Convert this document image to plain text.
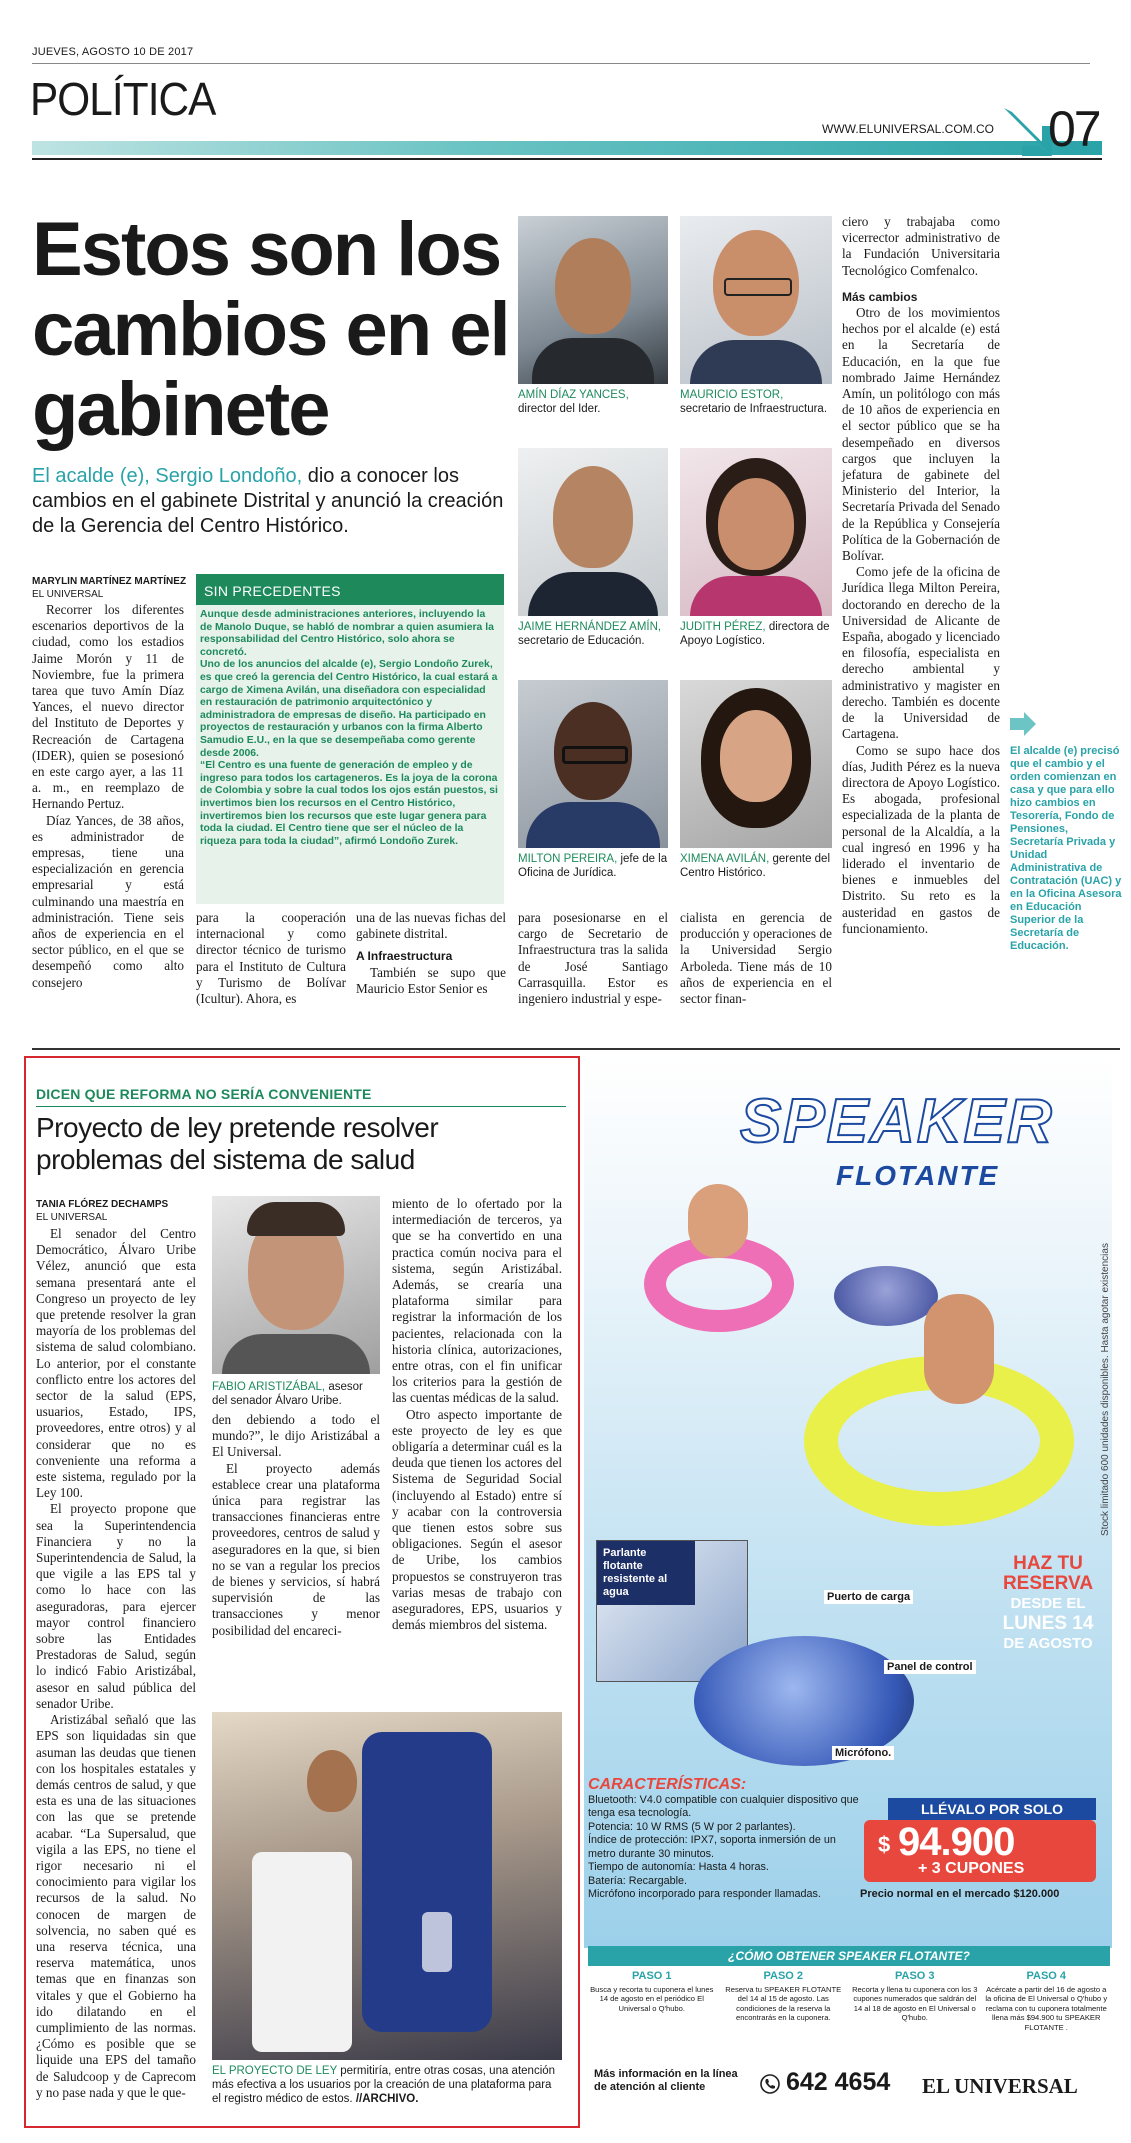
JUEVES, AGOSTO 10 DE 2017
POLÍTICA
WWW.ELUNIVERSAL.COM.CO 07
Estos son los cambios en el gabinete
El acalde (e), Sergio Londoño, dio a conocer los cambios en el gabinete Distrital y anunció la creación de la Gerencia del Centro Histórico.
MARYLIN MARTÍNEZ MARTÍNEZ
EL UNIVERSAL

Recorrer los diferentes escenarios deportivos de la ciudad, como los estadios Jaime Morón y 11 de Noviembre, fue la primera tarea que tuvo Amín Díaz Yances, el nuevo director del Instituto de Deportes y Recreación de Cartagena (IDER), quien se posesionó en este cargo ayer, a las 11 a. m., en reemplazo de Hernando Pertuz.

Díaz Yances, de 38 años, es administrador de empresas, tiene una especialización en gerencia empresarial y está culminando una maestría en administración. Tiene seis años de experiencia en el sector público, en el que se desempeñó como alto consejero

SIN PRECEDENTES
Aunque desde administraciones anteriores, incluyendo la de Manolo Duque, se habló de nombrar a quien asumiera la responsabilidad del Centro Histórico, solo ahora se concretó.
Uno de los anuncios del alcalde (e), Sergio Londoño Zurek, es que creó la gerencia del Centro Histórico, la cual estará a cargo de Ximena Avilán, una diseñadora con especialidad en restauración de patrimonio arquitectónico y administradora de empresas de diseño. Ha participado en proyectos de restauración y urbanos con la firma Alberto Samudio E.U., en la que se desempeñaba como gerente desde 2006.
“El Centro es una fuente de generación de empleo y de ingreso para todos los cartageneros. Es la joya de la corona de Colombia y sobre la cual todos los ojos están puestos, si invertimos bien los recursos en el Centro Histórico, invertiremos bien los recursos que este lugar genera para toda la ciudad. El Centro tiene que ser el núcleo de la riqueza para toda la ciudad”, afirmó Londoño Zurek.

para la cooperación internacional y como director técnico de turismo para el Instituto de Cultura y Turismo de Bolívar (Icultur). Ahora, es

una de las nuevas fichas del gabinete distrital.

A Infraestructura

También se supo que Mauricio Estor Senior es

para posesionarse en el cargo de Secretario de Infraestructura tras la salida de José Santiago Carrasquilla. Estor es ingeniero industrial y espe-

cialista en gerencia de producción y operaciones de la Universidad Sergio Arboleda. Tiene más de 10 años de experiencia en el sector finan-

AMÍN DÍAZ YANCES, director del Ider.
MAURICIO ESTOR, secretario de Infraestructura.
JAIME HERNÁNDEZ AMÍN, secretario de Educación.
JUDITH PÉREZ, directora de Apoyo Logístico.
MILTON PEREIRA, jefe de la Oficina de Jurídica.
XIMENA AVILÁN, gerente del Centro Histórico.

ciero y trabajaba como vicerrector administrativo de la Fundación Universitaria Tecnológico Comfenalco.

Más cambios

Otro de los movimientos hechos por el alcalde (e) está en la Secretaría de Educación, en la que fue nombrado Jaime Hernández Amín, un politólogo con más de 10 años de experiencia en el sector público que se ha desempeñado en diversos cargos que incluyen la jefatura de gabinete del Ministerio del Interior, la Secretaría Privada del Senado de la República y Consejería Política de la Gobernación de Bolívar.

Como jefe de la oficina de Jurídica llega Milton Pereira, doctorando en derecho de la Universidad de Alicante de España, abogado y licenciado en filosofía, especialista en derecho ambiental y administrativo y magister en derecho. También es docente de la Universidad de Cartagena.

Como se supo hace dos días, Judith Pérez es la nueva directora de Apoyo Logístico. Es abogada, profesional especializada de la planta de personal de la Alcaldía, a la cual ingresó en 1996 y ha liderado el inventario de bienes e inmuebles del Distrito. Su reto es la austeridad en gastos de funcionamiento.

El alcalde (e) precisó que el cambio y el orden comienzan en casa y que para ello hizo cambios en Tesorería, Fondo de Pensiones, Secretaría Privada y Unidad Administrativa de Contratación (UAC) y en la Oficina Asesora en Educación Superior de la Secretaría de Educación.
DICEN QUE REFORMA NO SERÍA CONVENIENTE
Proyecto de ley pretende resolver problemas del sistema de salud
TANIA FLÓREZ DECHAMPS
EL UNIVERSAL

El senador del Centro Democrático, Álvaro Uribe Vélez, anunció que esta semana presentará ante el Congreso un proyecto de ley que pretende resolver la gran mayoría de los problemas del sistema de salud colombiano. Lo anterior, por el constante conflicto entre los actores del sector de la salud (EPS, usuarios, Estado, IPS, proveedores, entre otros) y al considerar que no es conveniente una reforma a este sistema, regulado por la Ley 100.

El proyecto propone que sea la Superintendencia Financiera y no la Superintendencia de Salud, la que vigile a las EPS tal y como lo hace con las aseguradoras, para ejercer mayor control financiero sobre las Entidades Prestadoras de Salud, según lo indicó Fabio Aristizábal, asesor en salud pública del senador Uribe.

Aristizábal señaló que las EPS son liquidadas sin que asuman las deudas que tienen con los hospitales estatales y demás centros de salud, y que esta es una de las situaciones con las que se pretende acabar. “La Supersalud, que vigila a las EPS, no tiene el rigor necesario ni el conocimiento para vigilar los recursos de la salud. No conocen de margen de solvencia, no saben qué es una reserva técnica, una reserva matemática, unos temas que en finanzas son vitales y que el Gobierno ha ido dilatando en el cumplimiento de las normas. ¿Cómo es posible que se liquide una EPS del tamaño de Saludcoop y de Caprecom y no pase nada y que le que-

FABIO ARISTIZÁBAL, asesor del senador Álvaro Uribe.

den debiendo a todo el mundo?”, le dijo Aristizábal a El Universal.

El proyecto además establece crear una plataforma única para registrar las transacciones financieras entre proveedores, centros de salud y aseguradores en la que, si bien no se van a regular los precios de bienes y servicios, sí habrá supervisión de las transacciones y menor posibilidad del encareci-

miento de lo ofertado por la intermediación de terceros, ya que se ha convertido en una practica común nociva para el sistema, según Aristizábal. Además, se crearía una plataforma similar para registrar la información de los pacientes, relacionada con la historia clínica, autorizaciones, entre otras, con el fin unificar los criterios para la gestión de las cuentas médicas de la salud.

Otro aspecto importante de este proyecto de ley es que obligaría a determinar cuál es la deuda que tienen los actores del Sistema de Seguridad Social (incluyendo al Estado) entre sí y acabar con la controversia que tienen estos sobre sus obligaciones. Según el asesor de Uribe, los cambios propuestos se construyeron tras varias mesas de trabajo con aseguradores, EPS, usuarios y demás miembros del sistema.

EL PROYECTO DE LEY permitiría, entre otras cosas, una atención más efectiva a los usuarios por la creación de una plataforma para el registro médico de estos. //ARCHIVO.
SPEAKER
FLOTANTE
Stock limitado 600 unidades disponibles. Hasta agotar existencias
Parlante flotante resistente al agua	Puerto de carga
Panel de control
Micrófono.
HAZ TU
RESERVA
DESDE EL
LUNES 14
DE AGOSTO
CARACTERÍSTICAS:
Bluetooth: V4.0 compatible con cualquier dispositivo que tenga esa tecnología.
Potencia: 10 W RMS (5 W por 2 parlantes).
Índice de protección: IPX7, soporta inmersión de un metro durante 30 minutos.
Tiempo de autonomía: Hasta 4 horas.
Batería: Recargable.
Micrófono incorporado para responder llamadas.
LLÉVALO POR SOLO
$ 94.900
+ 3 CUPONES
Precio normal en el mercado $120.000
¿CÓMO OBTENER SPEAKER FLOTANTE?
PASO 1
Busca y recorta tu cuponera el lunes 14 de agosto en el periódico El Universal o Q'hubo.
PASO 2
Reserva tu SPEAKER FLOTANTE del 14 al 15 de agosto. Las condiciones de la reserva la encontrarás en la cuponera.
PASO 3
Recorta y llena tu cuponera con los 3 cupones numerados que saldrán del 14 al 18 de agosto en El Universal o Q'hubo.
PASO 4
Acércate a partir del 16 de agosto a la oficina de El Universal o Q'hubo y reclama con tu cuponera totalmente llena más $94.900 tu SPEAKER FLOTANTE .
Más información en la línea de atención al cliente	642 4654 EL UNIVERSAL
